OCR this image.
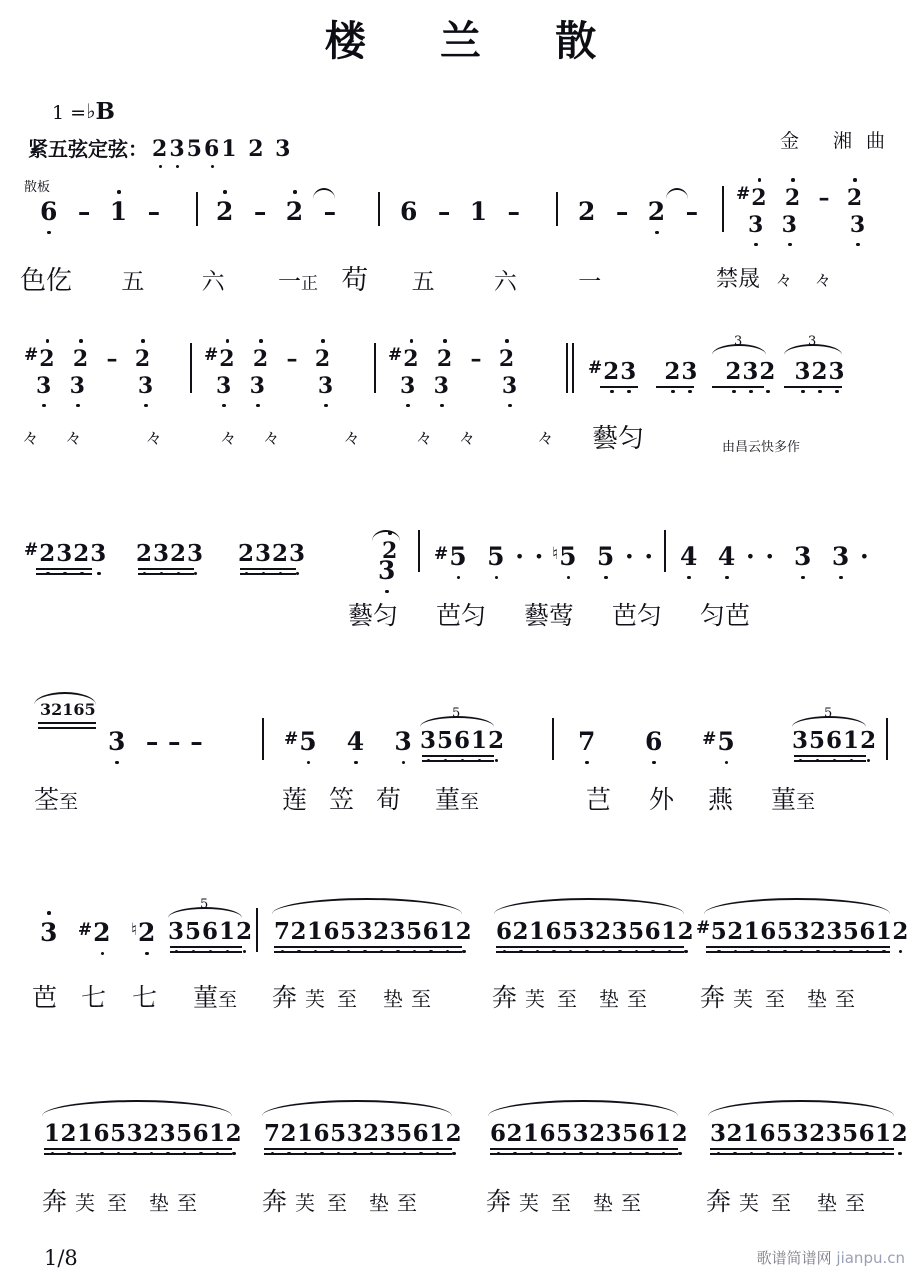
楼 兰 散
1 =♭B
紧五弦定弦： 23561 2 3	金 湘曲
散板
6 – 1 – 2 – 2 –	6  –  1  – 2  – 2 –
#2 2 – 2
3 3 3
色仡 五 六 一正 苟 五	六	一	禁晟 々 々
#2 2 – 2
3 3 3
#2 2 – 2
3 3 3
#2 2 – 2
3 3 3
#23 23 232 323
3	3
々 々	々	々 々	々	々 々	々 藝匀	由昌云快多作
#2323 2323 2323	2
3
#5 5 · · ♮5 5 · · 4 4 · · 3 3 ·
藝匀 芭匀 藝莺 芭匀 匀芭
32165
3 – – –	#5 4 3 35612
5
7 6 #5 35612
5
荃至	莲 笠 荀 菫至	芑 外 燕 菫至
3 #2 ♮2 35612
5
721653235612 621653235612 #521653235612
芭 七 七 菫至 奔 芙 至 垫 至 奔 芙 至 垫 至 奔 芙 至 垫 至
121653235612 721653235612 621653235612 321653235612
奔 芙 至 垫 至	奔 芙 至 垫 至	奔 芙 至 垫 至	奔 芙 至 垫 至
1/8	歌谱简谱网 jianpu.cn
